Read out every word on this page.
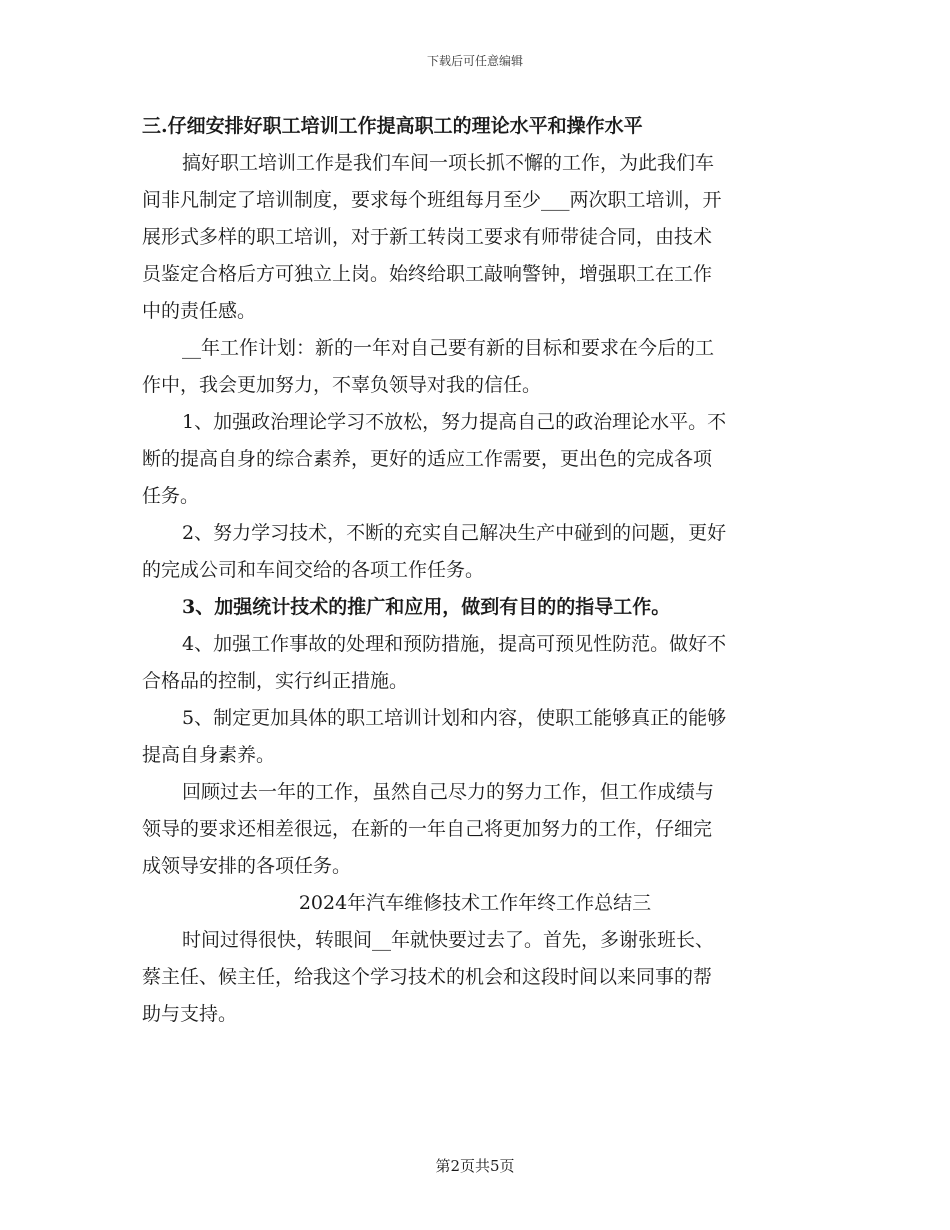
下载后可任意编辑
三.仔细安排好职工培训工作提高职工的理论水平和操作水平
搞好职工培训工作是我们车间一项长抓不懈的工作，为此我们车
间非凡制定了培训制度，要求每个班组每月至少___两次职工培训，开
展形式多样的职工培训，对于新工转岗工要求有师带徒合同，由技术
员鉴定合格后方可独立上岗。始终给职工敲响警钟，增强职工在工作
中的责任感。
__年工作计划：新的一年对自己要有新的目标和要求在今后的工
作中，我会更加努力，不辜负领导对我的信任。
1、加强政治理论学习不放松，努力提高自己的政治理论水平。不
断的提高自身的综合素养，更好的适应工作需要，更出色的完成各项
任务。
2、努力学习技术，不断的充实自己解决生产中碰到的问题，更好
的完成公司和车间交给的各项工作任务。
3、加强统计技术的推广和应用，做到有目的的指导工作。
4、加强工作事故的处理和预防措施，提高可预见性防范。做好不
合格品的控制，实行纠正措施。
5、制定更加具体的职工培训计划和内容，使职工能够真正的能够
提高自身素养。
回顾过去一年的工作，虽然自己尽力的努力工作，但工作成绩与
领导的要求还相差很远，在新的一年自己将更加努力的工作，仔细完
成领导安排的各项任务。
2024年汽车维修技术工作年终工作总结三
时间过得很快，转眼间__年就快要过去了。首先，多谢张班长、
蔡主任、候主任，给我这个学习技术的机会和这段时间以来同事的帮
助与支持。
第2页共5页
